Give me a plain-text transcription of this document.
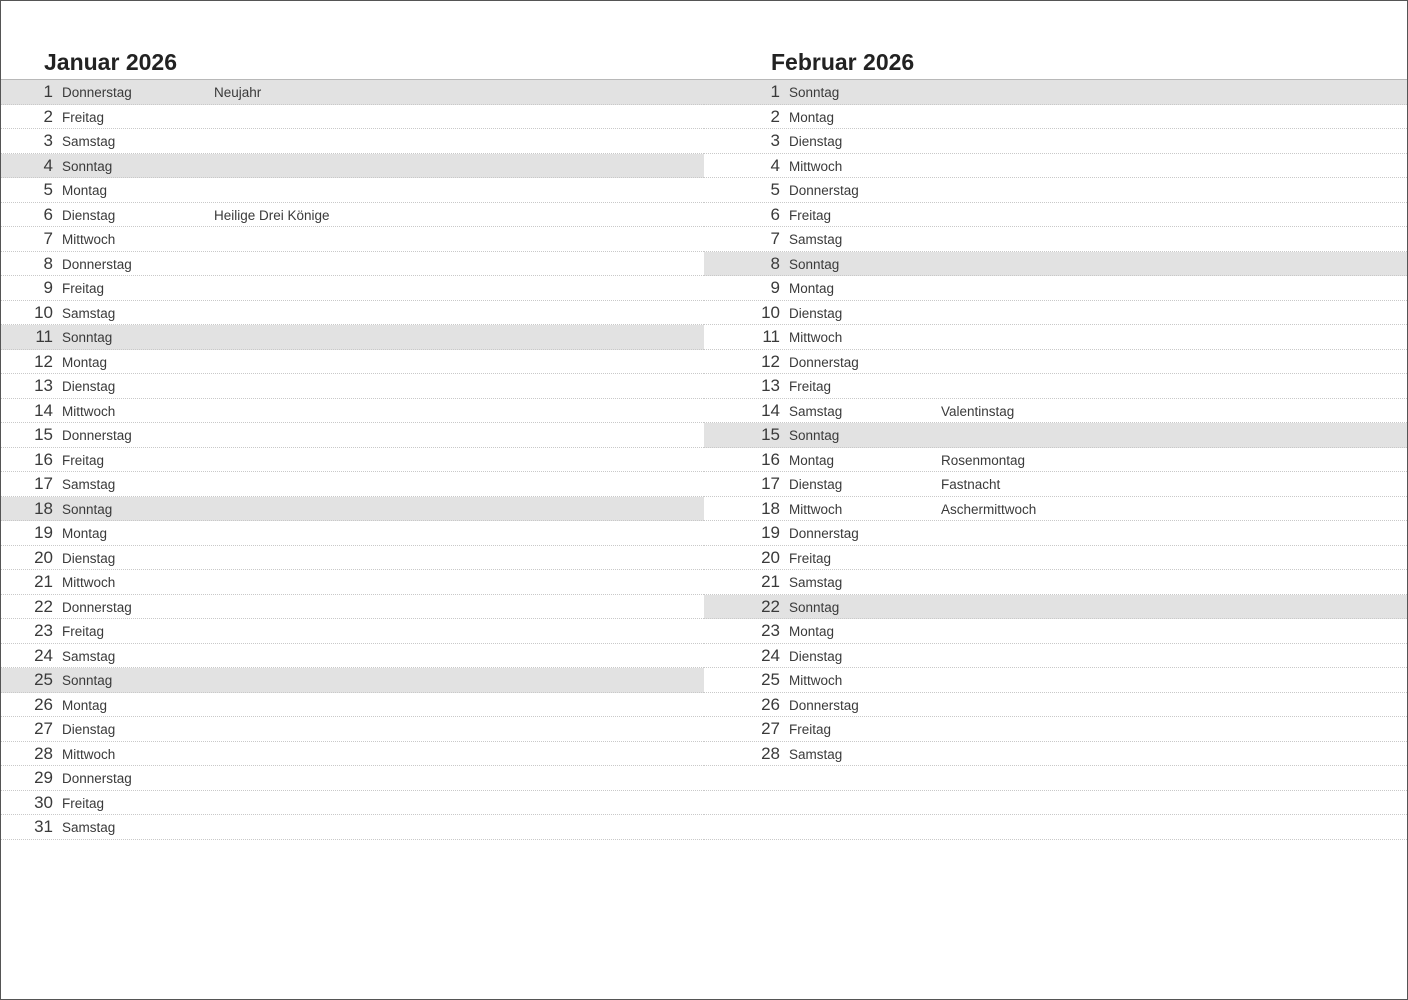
Januar 2026
1 Donnerstag	Neujahr
2 Freitag
3 Samstag
4 Sonntag
5 Montag
6 Dienstag	Heilige Drei Könige
7 Mittwoch
8 Donnerstag
9 Freitag
10 Samstag
11 Sonntag
12 Montag
13 Dienstag
14 Mittwoch
15 Donnerstag
16 Freitag
17 Samstag
18 Sonntag
19 Montag
20 Dienstag
21 Mittwoch
22 Donnerstag
23 Freitag
24 Samstag
25 Sonntag
26 Montag
27 Dienstag
28 Mittwoch
29 Donnerstag
30 Freitag
31 Samstag
Februar 2026
1 Sonntag
2 Montag
3 Dienstag
4 Mittwoch
5 Donnerstag
6 Freitag
7 Samstag
8 Sonntag
9 Montag
10 Dienstag
11 Mittwoch
12 Donnerstag
13 Freitag
14 Samstag	Valentinstag
15 Sonntag
16 Montag	Rosenmontag
17 Dienstag	Fastnacht
18 Mittwoch	Aschermittwoch
19 Donnerstag
20 Freitag
21 Samstag
22 Sonntag
23 Montag
24 Dienstag
25 Mittwoch
26 Donnerstag
27 Freitag
28 Samstag
